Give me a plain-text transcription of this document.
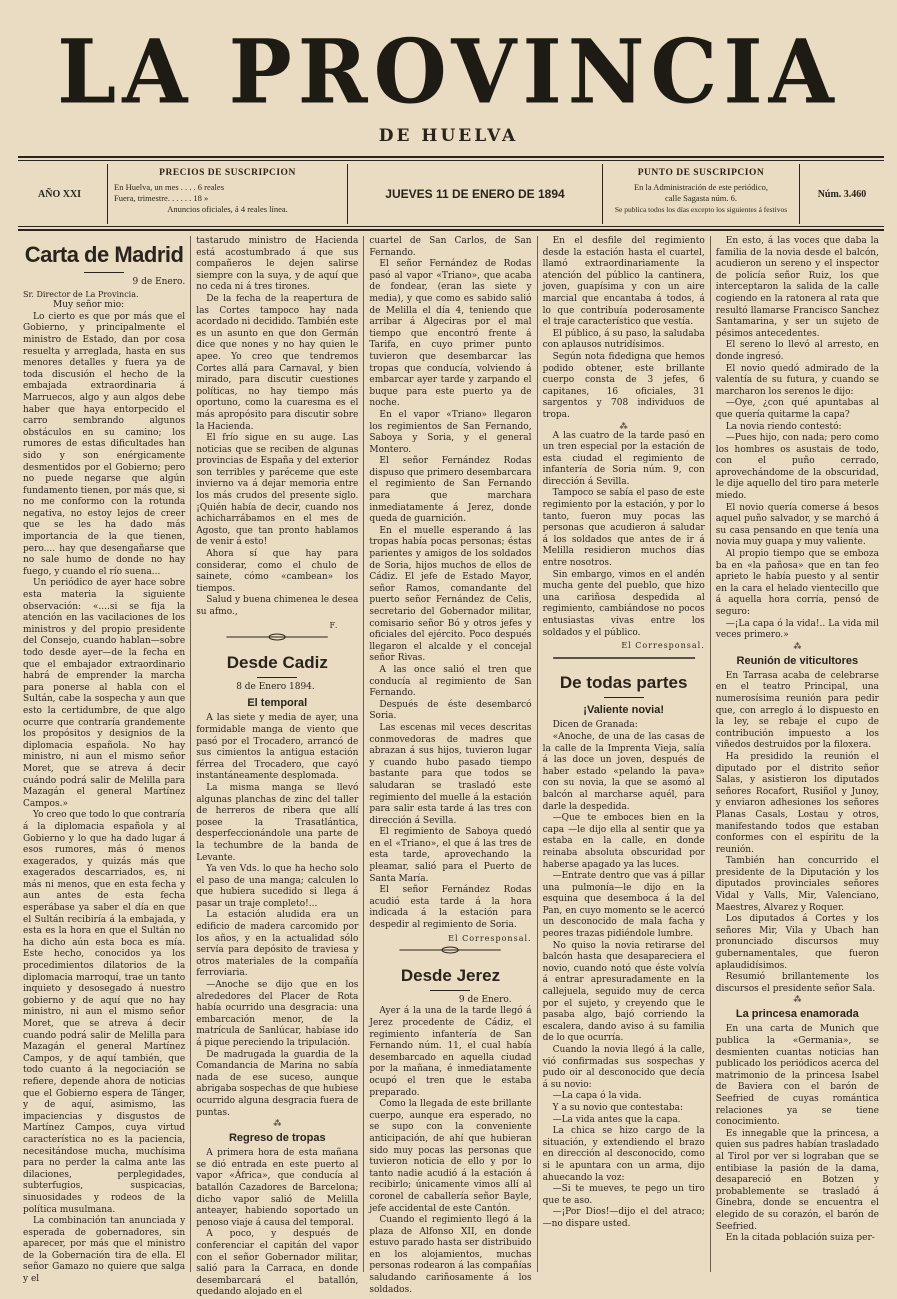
LA PROVINCIA
DE HUELVA
AÑO XXI
PRECIOS DE SUSCRIPCION
En Huelva, un mes . . . . 6 reales
Fuera, trimestre. . . . . . 18 »
Anuncios oficiales, á 4 reales línea.
JUEVES 11 DE ENERO DE 1894
PUNTO DE SUSCRIPCION
En la Administración de este periódico,
calle Sagasta núm. 6.
Se publica todos los días excepto los siguientes á festivos
Núm. 3.460
Carta de Madrid

9 de Enero.

Sr. Director de La Provincia.

Muy señor mio:

Lo cierto es que por más que el Gobierno, y principalmente el ministro de Estado, dan por cosa resuelta y arreglada, hasta en sus menores detalles y fuera ya de toda discusión el hecho de la embajada extraordinaria á Marruecos, algo y aun algos debe haber que haya entorpecido el carro sembrando algunos obstáculos en su camino; los rumores de estas dificultades han sido y son enérgicamente desmentidos por el Gobierno; pero no puede negarse que algún fundamento tienen, por más que, si no me conformo con la rotunda negativa, no estoy lejos de creer que se les ha dado más importancia de la que tienen, pero.... hay que desengañarse que no sale humo de donde no hay fuego, y cuando el río suena...

Un periódico de ayer hace sobre esta materia la siguiente observación: «....si se fija la atención en las vacilaciones de los ministros y del propio presidente del Consejo, cuando hablan—sobre todo desde ayer—de la fecha en que el embajador extraordinario habrá de emprender la marcha para ponerse al habla con el Sultán, cabe la sospecha y aun que esto la certidumbre, de que algo ocurre que contraría grandemente los propósitos y designios de la diplomacia española. No hay ministro, ni aun el mismo señor Moret, que se atreva á decir cuándo podrá salir de Melilla para Mazagán el general Martínez Campos.»

Yo creo que todo lo que contraría á la diplomacia española y al Gobierno y lo que ha dado lugar á esos rumores, más ó menos exagerados, y quizás más que exagerados descarriados, es, ni más ni menos, que en esta fecha y aun antes de esta fecha esperábase ya saber el día en que el Sultán recibiría á la embajada, y esta es la hora en que el Sultán no ha dicho aún esta boca es mía. Este hecho, conocidos ya los procedimientos dilatorios de la diplomacia marroquí, trae un tanto inquieto y desosegado á nuestro gobierno y de aquí que no hay ministro, ni aun el mismo señor Moret, que se atreva á decir cuando podrá salir de Melilla para Mazagán el general Martínez Campos, y de aquí también, que todo cuanto á la negociación se refiere, depende ahora de noticias que el Gobierno espera de Tánger, y de aquí, asimismo, las impaciencias y disgustos de Martínez Campos, cuya virtud característica no es la paciencia, necesitándose mucha, muchísima para no perder la calma ante las dilaciones, perplegidades, subterfugios, suspicacias, sinuosidades y rodeos de la política musulmana.

La combinación tan anunciada y esperada de gobernadores, sin aparecer, por más que el ministro de la Gobernación tira de ella. El señor Gamazo no quiere que salga y el

tastarudo ministro de Hacienda está acostumbrado á que sus compañeros le dejen salirse siempre con la suya, y de aquí que no ceda ni á tres tirones.

De la fecha de la reapertura de las Cortes tampoco hay nada acordado ni decidido. También este es un asunto en que don Germán dice que nones y no hay quien le apee. Yo creo que tendremos Cortes allá para Carnaval, y bien mirado, para discutir cuestiones políticas, no hay tiempo más oportuno, como la cuaresma es el más apropósito para discutir sobre la Hacienda.

El frío sigue en su auge. Las noticias que se reciben de algunas provincias de España y del exterior son terribles y paréceme que este invierno va á dejar memoria entre los más crudos del presente siglo. ¡Quién había de decir, cuando nos achicharrábamos en el mes de Agosto, que tan pronto hablamos de venir á esto!

Ahora sí que hay para considerar, como el chulo de sainete, cómo «cambean» los tiempos.

Salud y buena chimenea le desea su afmo.,

F.
Desde Cadiz

8 de Enero 1894.

El temporal

A las siete y media de ayer, una formidable manga de viento que pasó por el Trocadero, arrancó de sus cimientos la antigua estación férrea del Trocadero, que cayó instantáneamente desplomada.

La misma manga se llevó algunas planchas de zinc del taller de herreros de ribera que allí posee la Trasatlántica, desperfeccionándole una parte de la techumbre de la banda de Levante.

Ya ven Vds. lo que ha hecho solo el paso de una manga; calculen lo que hubiera sucedido si llega á pasar un traje completo!...

La estación aludida era un edificio de madera carcomido por los años, y en la actualidad sólo servía para depósito de traviesa y otros materiales de la compañía ferroviaria.

—Anoche se dijo que en los alrededores del Placer de Rota había ocurrido una desgracia: una embarcación menor, de la matrícula de Sanlúcar, habíase ido á pique pereciendo la tripulación.

De madrugada la guardia de la Comandancia de Marina no sabía nada de ese suceso, aunque abrigaba sospechas de que hubiese ocurrido alguna desgracia fuera de puntas.

⁂
Regreso de tropas

A primera hora de esta mañana se dió entrada en este puerto al vapor «África», que conducía al batallón Cazadores de Barcelona; dicho vapor salió de Melilla anteayer, habiendo soportado un penoso viaje á causa del temporal.

A poco, y después de conferenciar el capitán del vapor con el señor Gobernador militar, salió para la Carraca, en donde desembarcará el batallón, quedando alojado en el

cuartel de San Carlos, de San Fernando.

El señor Fernández de Rodas pasó al vapor «Triano», que acaba de fondear, (eran las siete y media), y que como es sabido salió de Melilla el día 4, teniendo que arribar á Algeciras por el mal tiempo que encontró frente á Tarifa, en cuyo primer punto tuvieron que desembarcar las tropas que conducía, volviendo á embarcar ayer tarde y zarpando el buque para este puerto ya de noche.

En el vapor «Triano» llegaron los regimientos de San Fernando, Saboya y Soria, y el general Montero.

El señor Fernández Rodas dispuso que primero desembarcara el regimiento de San Fernando para que marchara inmediatamente á Jerez, donde queda de guarnición.

En el muelle esperando á las tropas había pocas personas; éstas parientes y amigos de los soldados de Soria, hijos muchos de ellos de Cádiz. El jefe de Estado Mayor, señor Ramos, comandante del puerto señor Fernández de Celis, secretario del Gobernador militar, comisario señor Bó y otros jefes y oficiales del ejército. Poco después llegaron el alcalde y el concejal señor Rivas.

A las once salió el tren que conducía al regimiento de San Fernando.

Después de éste desembarcó Soria.

Las escenas mil veces descritas conmovedoras de madres que abrazan á sus hijos, tuvieron lugar y cuando hubo pasado tiempo bastante para que todos se saludaran se trasladó este regimiento del muelle á la estación para salir esta tarde á las tres con dirección á Sevilla.

El regimiento de Saboya quedó en el «Triano», el que á las tres de esta tarde, aprovechando la pleamar, salió para el Puerto de Santa María.

El señor Fernández Rodas acudió esta tarde á la hora indicada á la estación para despedir al regimiento de Soria.

El Corresponsal.
Desde Jerez

9 de Enero.

Ayer á la una de la tarde llegó á Jerez procedente de Cádiz, el regimiento infantería de San Fernando núm. 11, el cual había desembarcado en aquella ciudad por la mañana, é inmediatamente ocupó el tren que le estaba preparado.

Como la llegada de este brillante cuerpo, aunque era esperado, no se supo con la conveniente anticipación, de ahí que hubieran sido muy pocas las personas que tuvieron noticia de ello y por lo tanto nadie acudió á la estación á recibirlo; únicamente vimos allí al coronel de caballería señor Bayle, jefe accidental de este Cantón.

Cuando el regimiento llegó á la plaza de Alfonso XII, en donde estuvo parado hasta ser distribuido en los alojamientos, muchas personas rodearon á las compañías saludando cariñosamente á los soldados.

En el desfile del regimiento desde la estación hasta el cuartel, llamó extraordinariamente la atención del público la cantinera, joven, guapísima y con un aire marcial que encantaba á todos, á lo que contribuía poderosamente el traje característico que vestía.

El público, á su paso, la saludaba con aplausos nutridísimos.

Según nota fidedigna que hemos podido obtener, este brillante cuerpo consta de 3 jefes, 6 capitanes, 16 oficiales, 31 sargentos y 708 individuos de tropa.

⁂

A las cuatro de la tarde pasó en un tren especial por la estación de esta ciudad el regimiento de infantería de Soria núm. 9, con dirección á Sevilla.

Tampoco se sabía el paso de este regimiento por la estación, y por lo tanto, fueron muy pocas las personas que acudieron á saludar á los soldados que antes de ir á Melilla residieron muchos días entre nosotros.

Sin embargo, vimos en el andén mucha gente del pueblo, que hizo una cariñosa despedida al regimiento, cambiándose no pocos entusiastas vivas entre los soldados y el público.

El Corresponsal.
De todas partes
¡Valiente novia!

Dicen de Granada:

«Anoche, de una de las casas de la calle de la Imprenta Vieja, salía á las doce un joven, después de haber estado «pelando la pava» con su novia, la que se asomó al balcón al marcharse aquél, para darle la despedida.

—Que te emboces bien en la capa —le dijo ella al sentir que ya estaba en la calle, en donde reinaba absoluta obscuridad por haberse apagado ya las luces.

—Entrate dentro que vas á pillar una pulmonía—le dijo en la esquina que desemboca á la del Pan, en cuyo momento se le acercó un desconocido de mala facha y peores trazas pidiéndole lumbre.

No quiso la novia retirarse del balcón hasta que desapareciera el novio, cuando notó que éste volvía á entrar apresuradamente en la callejuela, seguido muy de cerca por el sujeto, y creyendo que le pasaba algo, bajó corriendo la escalera, dando aviso á su familia de lo que ocurría.

Cuando la novia llegó á la calle, vió confirmadas sus sospechas y pudo oir al desconocido que decía á su novio:

—La capa ó la vida.

Y a su novio que contestaba:

—La vida antes que la capa.

La chica se hizo cargo de la situación, y extendiendo el brazo en dirección al desconocido, como si le apuntara con un arma, dijo ahuecando la voz:

—Si te mueves, te pego un tiro que te aso.

—¡Por Dios!—dijo el del atraco;—no dispare usted.

En esto, á las voces que daba la familia de la novia desde el balcón, acudieron un sereno y el inspector de policía señor Ruiz, los que interceptaron la salida de la calle cogiendo en la ratonera al rata que resultó llamarse Francisco Sanchez Santamarina, y ser un sujeto de pésimos antecedentes.

El sereno lo llevó al arresto, en donde ingresó.

El novio quedó admirado de la valentía de su futura, y cuando se marcharon los serenos le dijo:

—Oye, ¿con qué apuntabas al que quería quitarme la capa?

La novia riendo contestó:

—Pues hijo, con nada; pero como los hombres os asustais de todo, con el puño cerrado, aprovechándome de la obscuridad, le dije aquello del tiro para meterle miedo.

El novio quería comerse á besos aquel puño salvador, y se marchó á su casa pensando en que tenía una novia muy guapa y muy valiente.

Al propio tiempo que se emboza ba en «la pañosa» que en tan feo aprieto le había puesto y al sentir en la cara el helado vientecillo que á aquella hora corría, pensó de seguro:

—¡La capa ó la vida!.. La vida mil veces primero.»

⁂
Reunión de viticultores

En Tarrasa acaba de celebrarse en el teatro Principal, una numerosísima reunión para pedir que, con arreglo á lo dispuesto en la ley, se rebaje el cupo de contribución impuesto a los viñedos destruidos por la filoxera.

Ha presidido la reunión el diputado por el distrito señor Salas, y asistieron los diputados señores Rocafort, Rusiñol y Junoy, y enviaron adhesiones los señores Planas Casals, Lostau y otros, manifestando todos que estaban conformes con el espíritu de la reunión.

También han concurrido el presidente de la Diputación y los diputados provinciales señores Vidal y Valls, Mir, Valenciano, Maestres, Alvarez y Roquer.

Los diputados á Cortes y los señores Mir, Vila y Ubach han pronunciado discursos muy gubernamentales, que fueron aplaudidísimos.

Resumió brillantemente los discursos el presidente señor Sala.

⁂
La princesa enamorada

En una carta de Munich que publica la «Germania», se desmienten cuantas noticias han publicado los periódicos acerca del matrimonio de la princesa Isabel de Baviera con el barón de Seefried de cuyas romántica relaciones ya se tiene conocimiento.

Es innegable que la princesa, a quien sus padres habían trasladado al Tirol por ver si lograban que se entibiase la pasión de la dama, desapareció en Botzen y probablemente se trasladó á Ginebra, donde se encuentra el elegido de su corazón, el barón de Seefried.

En la citada población suiza per-
